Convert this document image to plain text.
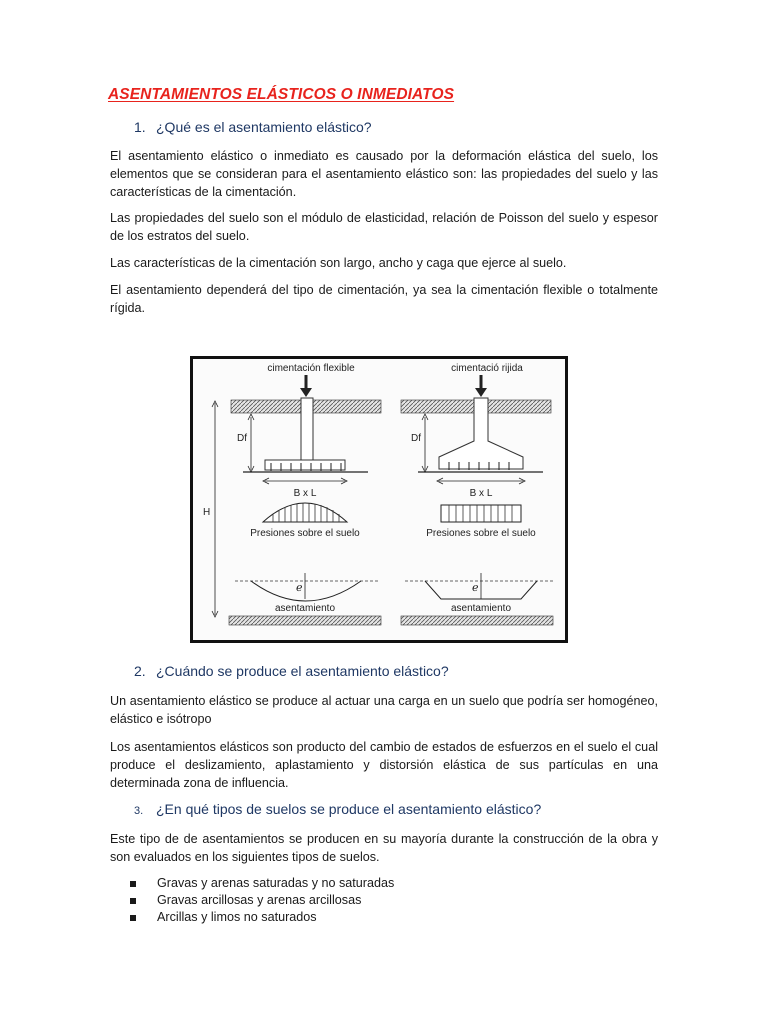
ASENTAMIENTOS ELÁSTICOS O INMEDIATOS
1. ¿Qué es el asentamiento elástico?
El asentamiento elástico o inmediato es causado por la deformación elástica del suelo, los elementos que se consideran para el asentamiento elástico son: las propiedades del suelo y las características de la cimentación.
Las propiedades del suelo son el módulo de elasticidad, relación de Poisson del suelo y espesor de los estratos del suelo.
Las características de la cimentación son largo, ancho y caga que ejerce al suelo.
El asentamiento dependerá del tipo de cimentación, ya sea la cimentación flexible o totalmente rígida.
cimentación flexible
Df
B x L
Presiones sobre el suelo
ℯ
asentamiento
H
cimentació rijida
Df
B x L
Presiones sobre el suelo
ℯ
asentamiento
2. ¿Cuándo se produce el asentamiento elástico?
Un asentamiento elástico se produce al actuar una carga en un suelo que podría ser homogéneo, elástico e isótropo
Los asentamientos elásticos son producto del cambio de estados de esfuerzos en el suelo el cual produce el deslizamiento, aplastamiento y distorsión elástica de sus partículas en una determinada zona de influencia.
3. ¿En qué tipos de suelos se produce el asentamiento elástico?
Este tipo de de asentamientos se producen en su mayoría durante la construcción de la obra y son evaluados en los siguientes tipos de suelos.
Gravas y arenas saturadas y no saturadas
Gravas arcillosas y arenas arcillosas
Arcillas y limos no saturados
